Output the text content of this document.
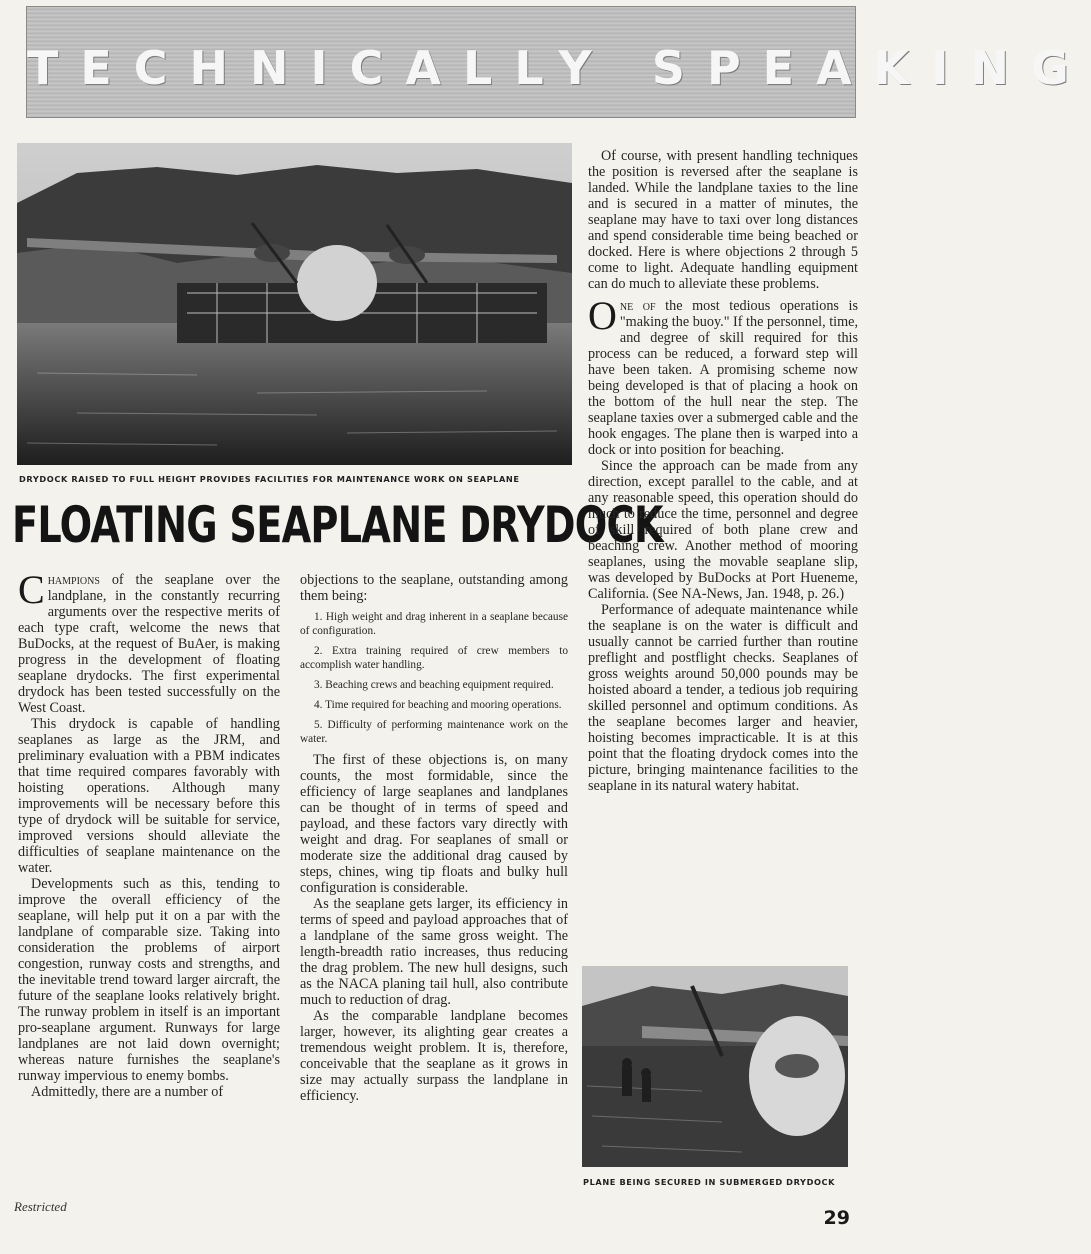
TECHNICALLY SPEAKING
DRYDOCK RAISED TO FULL HEIGHT PROVIDES FACILITIES FOR MAINTENANCE WORK ON SEAPLANE
FLOATING SEAPLANE DRYDOCK

Champions of the seaplane over the landplane, in the constantly recurring arguments over the respective merits of each type craft, welcome the news that BuDocks, at the request of BuAer, is making progress in the development of floating seaplane drydocks. The first experimental drydock has been tested successfully on the West Coast.

This drydock is capable of handling seaplanes as large as the JRM, and preliminary evaluation with a PBM indicates that time required compares favorably with hoisting operations. Although many improvements will be necessary before this type of drydock will be suitable for service, improved versions should alleviate the difficulties of seaplane maintenance on the water.

Developments such as this, tending to improve the overall efficiency of the seaplane, will help put it on a par with the landplane of comparable size. Taking into consideration the problems of airport congestion, runway costs and strengths, and the inevitable trend toward larger aircraft, the future of the seaplane looks relatively bright. The runway problem in itself is an important pro-seaplane argument. Runways for large landplanes are not laid down overnight; whereas nature furnishes the seaplane's runway impervious to enemy bombs.

Admittedly, there are a number of

objections to the seaplane, outstanding among them being:

1. High weight and drag inherent in a seaplane because of configuration.

2. Extra training required of crew members to accomplish water handling.

3. Beaching crews and beaching equipment required.

4. Time required for beaching and mooring operations.

5. Difficulty of performing maintenance work on the water.

The first of these objections is, on many counts, the most formidable, since the efficiency of large seaplanes and landplanes can be thought of in terms of speed and payload, and these factors vary directly with weight and drag. For seaplanes of small or moderate size the additional drag caused by steps, chines, wing tip floats and bulky hull configuration is considerable.

As the seaplane gets larger, its efficiency in terms of speed and payload approaches that of a landplane of the same gross weight. The length-breadth ratio increases, thus reducing the drag problem. The new hull designs, such as the NACA planing tail hull, also contribute much to reduction of drag.

As the comparable landplane becomes larger, however, its alighting gear creates a tremendous weight problem. It is, therefore, conceivable that the seaplane as it grows in size may actually surpass the landplane in efficiency.

Of course, with present handling techniques the position is reversed after the seaplane is landed. While the landplane taxies to the line and is secured in a matter of minutes, the seaplane may have to taxi over long distances and spend considerable time being beached or docked. Here is where objections 2 through 5 come to light. Adequate handling equipment can do much to alleviate these problems.

One of the most tedious operations is "making the buoy." If the personnel, time, and degree of skill required for this process can be reduced, a forward step will have been taken. A promising scheme now being developed is that of placing a hook on the bottom of the hull near the step. The seaplane taxies over a submerged cable and the hook engages. The plane then is warped into a dock or into position for beaching.

Since the approach can be made from any direction, except parallel to the cable, and at any reasonable speed, this operation should do much to reduce the time, personnel and degree of skill required of both plane crew and beaching crew. Another method of mooring seaplanes, using the movable seaplane slip, was developed by BuDocks at Port Hueneme, California. (See NA-News, Jan. 1948, p. 26.)

Performance of adequate maintenance while the seaplane is on the water is difficult and usually cannot be carried further than routine preflight and postflight checks. Seaplanes of gross weights around 50,000 pounds may be hoisted aboard a tender, a tedious job requiring skilled personnel and optimum conditions. As the seaplane becomes larger and heavier, hoisting becomes impracticable. It is at this point that the floating drydock comes into the picture, bringing maintenance facilities to the seaplane in its natural watery habitat.

PLANE BEING SECURED IN SUBMERGED DRYDOCK
Restricted
29
